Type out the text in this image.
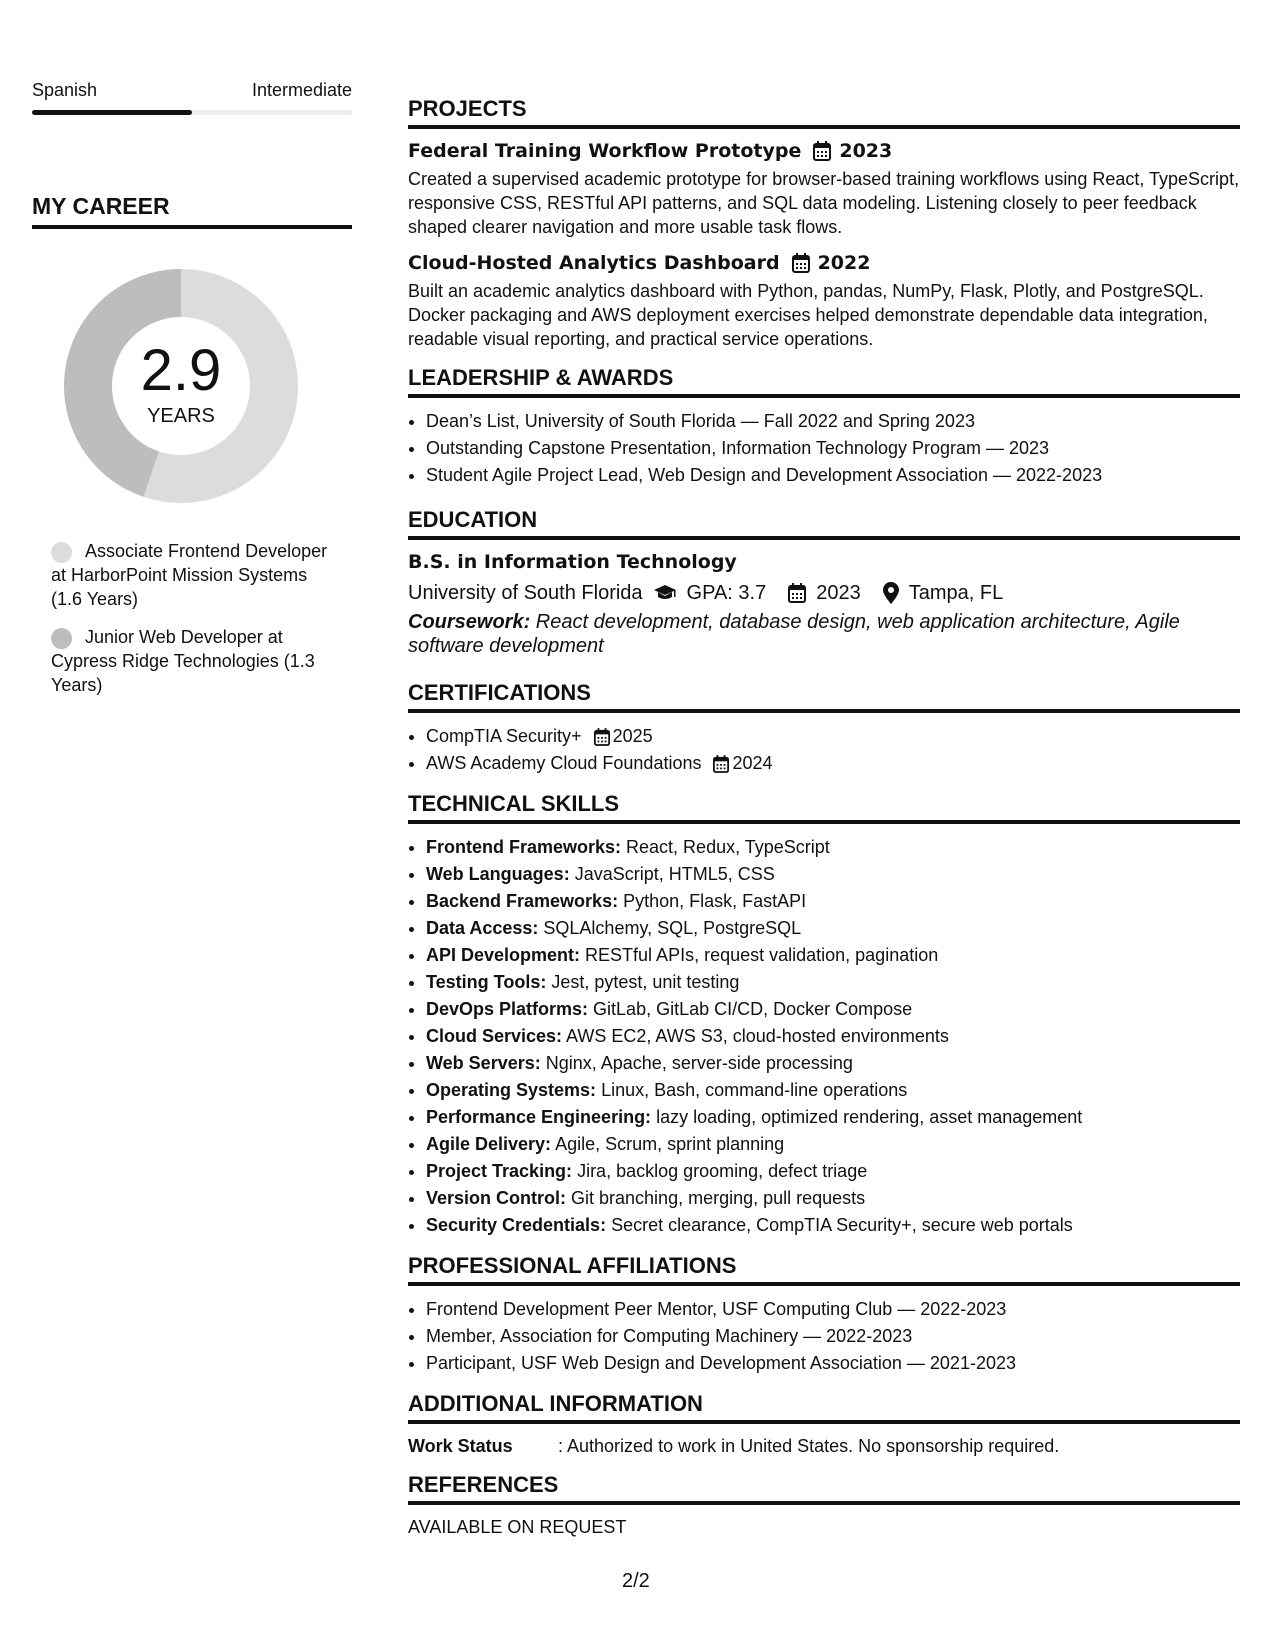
Spanish	Intermediate
MY CAREER
2.9
YEARS
Associate Frontend Developer at HarborPoint Mission Systems (1.6 Years)
Junior Web Developer at Cypress Ridge Technologies (1.3 Years)
PROJECTS
Federal Training Workflow Prototype 2023
Created a supervised academic prototype for browser-based training workflows using React, TypeScript, responsive CSS, RESTful API patterns, and SQL data modeling. Listening closely to peer feedback shaped clearer navigation and more usable task flows.
Cloud-Hosted Analytics Dashboard 2022
Built an academic analytics dashboard with Python, pandas, NumPy, Flask, Plotly, and PostgreSQL. Docker packaging and AWS deployment exercises helped demonstrate dependable data integration, readable visual reporting, and practical service operations.
LEADERSHIP & AWARDS
• Dean’s List, University of South Florida — Fall 2022 and Spring 2023
• Outstanding Capstone Presentation, Information Technology Program — 2023
• Student Agile Project Lead, Web Design and Development Association — 2022-2023
EDUCATION
B.S. in Information Technology
University of South Florida GPA: 3.7	2023 Tampa, FL
Coursework: React development, database design, web application architecture, Agile software development
CERTIFICATIONS
• CompTIA Security+ 2025
• AWS Academy Cloud Foundations 2024
TECHNICAL SKILLS
• Frontend Frameworks: React, Redux, TypeScript
• Web Languages: JavaScript, HTML5, CSS
• Backend Frameworks: Python, Flask, FastAPI
• Data Access: SQLAlchemy, SQL, PostgreSQL
• API Development: RESTful APIs, request validation, pagination
• Testing Tools: Jest, pytest, unit testing
• DevOps Platforms: GitLab, GitLab CI/CD, Docker Compose
• Cloud Services: AWS EC2, AWS S3, cloud-hosted environments
• Web Servers: Nginx, Apache, server-side processing
• Operating Systems: Linux, Bash, command-line operations
• Performance Engineering: lazy loading, optimized rendering, asset management
• Agile Delivery: Agile, Scrum, sprint planning
• Project Tracking: Jira, backlog grooming, defect triage
• Version Control: Git branching, merging, pull requests
• Security Credentials: Secret clearance, CompTIA Security+, secure web portals
PROFESSIONAL AFFILIATIONS
• Frontend Development Peer Mentor, USF Computing Club — 2022-2023
• Member, Association for Computing Machinery — 2022-2023
• Participant, USF Web Design and Development Association — 2021-2023
ADDITIONAL INFORMATION
Work Status	: Authorized to work in United States. No sponsorship required.
REFERENCES
AVAILABLE ON REQUEST
2/2
